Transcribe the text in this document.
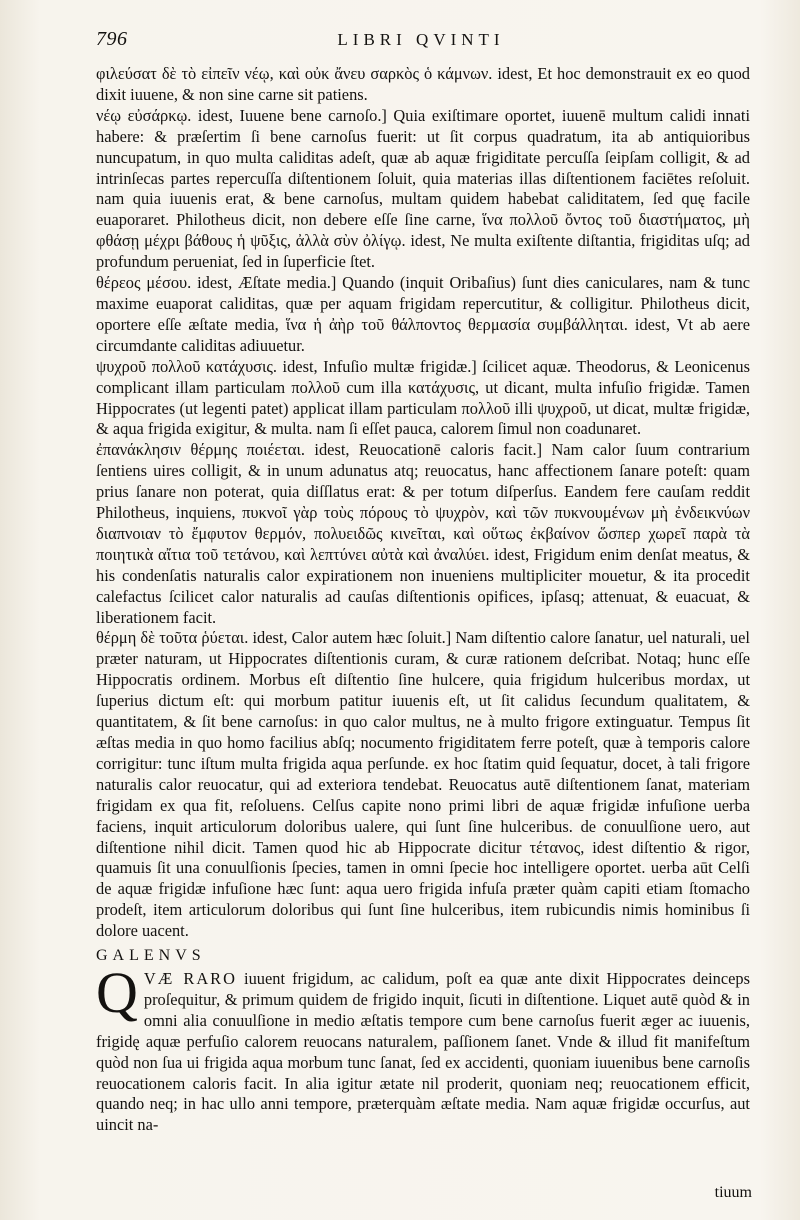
796	LIBRI QVINTI

φιλεύσατ δὲ τὸ εἰπεῖν νέῳ, καὶ οὐκ ἄνευ σαρκὸς ὁ κάμνων. idest, Et hoc demonstrauit ex eo quod dixit iuuene, & non sine carne sit patiens.

νέῳ εὐσάρκῳ. idest, Iuuene bene carnoſo.] Quia exiſtimare oportet, iuuenē multum calidi innati habere: & præſertim ſi bene carnoſus fuerit: ut ſit corpus quadratum, ita ab antiquioribus nuncupatum, in quo multa caliditas adeſt, quæ ab aquæ frigiditate percuſſa ſeipſam colligit, & ad intrinſecas partes repercuſſa diſtentionem ſoluit, quia materias illas diſtentionem faciētes reſoluit. nam quia iuuenis erat, & bene carnoſus, multam quidem habebat caliditatem, ſed quę facile euaporaret. Philotheus dicit, non debere eſſe ſine carne, ἵνα πολλοῦ ὄντος τοῦ διαστήματος, μὴ φθάσῃ μέχρι βάθους ἡ ψῦξις, ἀλλὰ σὺν ὀλίγῳ. idest, Ne multa exiſtente diſtantia, frigiditas uſq; ad profundum perueniat, ſed in ſuperficie ſtet.

θέρεος μέσου. idest, Æſtate media.] Quando (inquit Oribaſius) ſunt dies caniculares, nam & tunc maxime euaporat caliditas, quæ per aquam frigidam repercutitur, & colligitur. Philotheus dicit, oportere eſſe æſtate media, ἵνα ἡ ἀὴρ τοῦ θάλποντος θερμασία συμβάλληται. idest, Vt ab aere circumdante caliditas adiuuetur.

ψυχροῦ πολλοῦ κατάχυσις. idest, Infuſio multæ frigidæ.] ſcilicet aquæ. Theodorus, & Leonicenus complicant illam particulam πολλοῦ cum illa κατάχυσις, ut dicant, multa infuſio frigidæ. Tamen Hippocrates (ut legenti patet) applicat illam particulam πολλοῦ illi ψυχροῦ, ut dicat, multæ frigidæ, & aqua frigida exigitur, & multa. nam ſi eſſet pauca, calorem ſimul non coadunaret.

ἐπανάκλησιν θέρμης ποιέεται. idest, Reuocationē caloris facit.] Nam calor ſuum contrarium ſentiens uires colligit, & in unum adunatus atq; reuocatus, hanc affectionem ſanare poteſt: quam prius ſanare non poterat, quia diſſlatus erat: & per totum diſperſus. Eandem fere cauſam reddit Philotheus, inquiens, πυκνοῖ γὰρ τοὺς πόρους τὸ ψυχρὸν, καὶ τῶν πυκνουμένων μὴ ἐνδεικνύων διαπνοιαν τὸ ἔμφυτον θερμόν, πολυειδῶς κινεῖται, καὶ οὕτως ἐκβαίνον ὥσπερ χωρεῖ παρὰ τὰ ποιητικὰ αἴτια τοῦ τετάνου, καὶ λεπτύνει αὐτὰ καὶ ἀναλύει. idest, Frigidum enim denſat meatus, & his condenſatis naturalis calor expirationem non inueniens multipliciter mouetur, & ita procedit calefactus ſcilicet calor naturalis ad cauſas diſtentionis opifices, ipſasq; attenuat, & euacuat, & liberationem facit.

θέρμη δὲ τοῦτα ῥύεται. idest, Calor autem hæc ſoluit.] Nam diſtentio calore ſanatur, uel naturali, uel præter naturam, ut Hippocrates diſtentionis curam, & curæ rationem deſcribat. Notaq; hunc eſſe Hippocratis ordinem. Morbus eſt diſtentio ſine hulcere, quia frigidum hulceribus mordax, ut ſuperius dictum eſt: qui morbum patitur iuuenis eſt, ut ſit calidus ſecundum qualitatem, & quantitatem, & ſit bene carnoſus: in quo calor multus, ne à multo frigore extinguatur. Tempus ſit æſtas media in quo homo facilius abſq; nocumento frigiditatem ferre poteſt, quæ à temporis calore corrigitur: tunc iſtum multa frigida aqua perſunde. ex hoc ſtatim quid ſequatur, docet, à tali frigore naturalis calor reuocatur, qui ad exteriora tendebat. Reuocatus autē diſtentionem ſanat, materiam frigidam ex qua fit, reſoluens. Celſus capite nono primi libri de aquæ frigidæ infuſione uerba faciens, inquit articulorum doloribus ualere, qui ſunt ſine hulceribus. de conuulſione uero, aut diſtentione nihil dicit. Tamen quod hic ab Hippocrate dicitur τέτανος, idest diſtentio & rigor, quamuis ſit una conuulſionis ſpecies, tamen in omni ſpecie hoc intelligere oportet. uerba aūt Celſi de aquæ frigidæ infuſione hæc ſunt: aqua uero frigida infuſa præter quàm capiti etiam ſtomacho prodeſt, item articulorum doloribus qui ſunt ſine hulceribus, item rubicundis nimis hominibus ſi dolore uacent.

GALENVS

Q VÆ RARO iuuent frigidum, ac calidum, poſt ea quæ ante dixit Hippocrates deinceps proſequitur, & primum quidem de frigido inquit, ſicuti in diſtentione. Liquet autē quòd & in omni alia conuulſione in medio æſtatis tempore cum bene carnoſus fuerit æger ac iuuenis, frigidę aquæ perfuſio calorem reuocans naturalem, paſſionem ſanet. Vnde & illud fit manifeſtum quòd non ſua ui frigida aqua morbum tunc ſanat, ſed ex accidenti, quoniam iuuenibus bene carnoſis reuocationem caloris facit. In alia igitur ætate nil proderit, quoniam neq; reuocationem efficit, quando neq; in hac ullo anni tempore, præterquàm æſtate media. Nam aquæ frigidæ occurſus, aut uincit na-

tiuum
